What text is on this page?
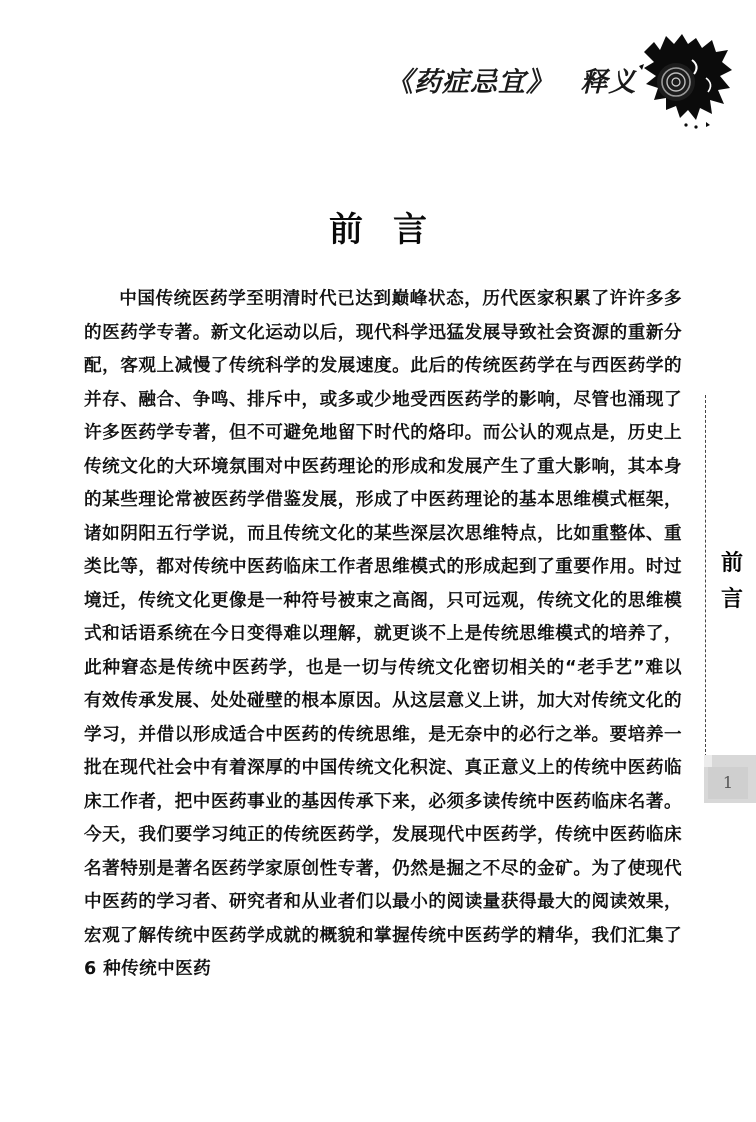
《药症忌宜》 释义
前言
中国传统医药学至明清时代已达到巅峰状态，历代医家积累了许许多多的医药学专著。新文化运动以后，现代科学迅猛发展导致社会资源的重新分配，客观上减慢了传统科学的发展速度。此后的传统医药学在与西医药学的并存、融合、争鸣、排斥中，或多或少地受西医药学的影响，尽管也涌现了许多医药学专著，但不可避免地留下时代的烙印。而公认的观点是，历史上传统文化的大环境氛围对中医药理论的形成和发展产生了重大影响，其本身的某些理论常被医药学借鉴发展，形成了中医药理论的基本思维模式框架，诸如阴阳五行学说，而且传统文化的某些深层次思维特点，比如重整体、重类比等，都对传统中医药临床工作者思维模式的形成起到了重要作用。时过境迁，传统文化更像是一种符号被束之高阁，只可远观，传统文化的思维模式和话语系统在今日变得难以理解，就更谈不上是传统思维模式的培养了，此种窘态是传统中医药学，也是一切与传统文化密切相关的“老手艺”难以有效传承发展、处处碰壁的根本原因。从这层意义上讲，加大对传统文化的学习，并借以形成适合中医药的传统思维，是无奈中的必行之举。要培养一批在现代社会中有着深厚的中国传统文化积淀、真正意义上的传统中医药临床工作者，把中医药事业的基因传承下来，必须多读传统中医药临床名著。今天，我们要学习纯正的传统医药学，发展现代中医药学，传统中医药临床名著特别是著名医药学家原创性专著，仍然是掘之不尽的金矿。为了使现代中医药的学习者、研究者和从业者们以最小的阅读量获得最大的阅读效果，宏观了解传统中医药学成就的概貌和掌握传统中医药学的精华，我们汇集了 6 种传统中医药
前言
1
